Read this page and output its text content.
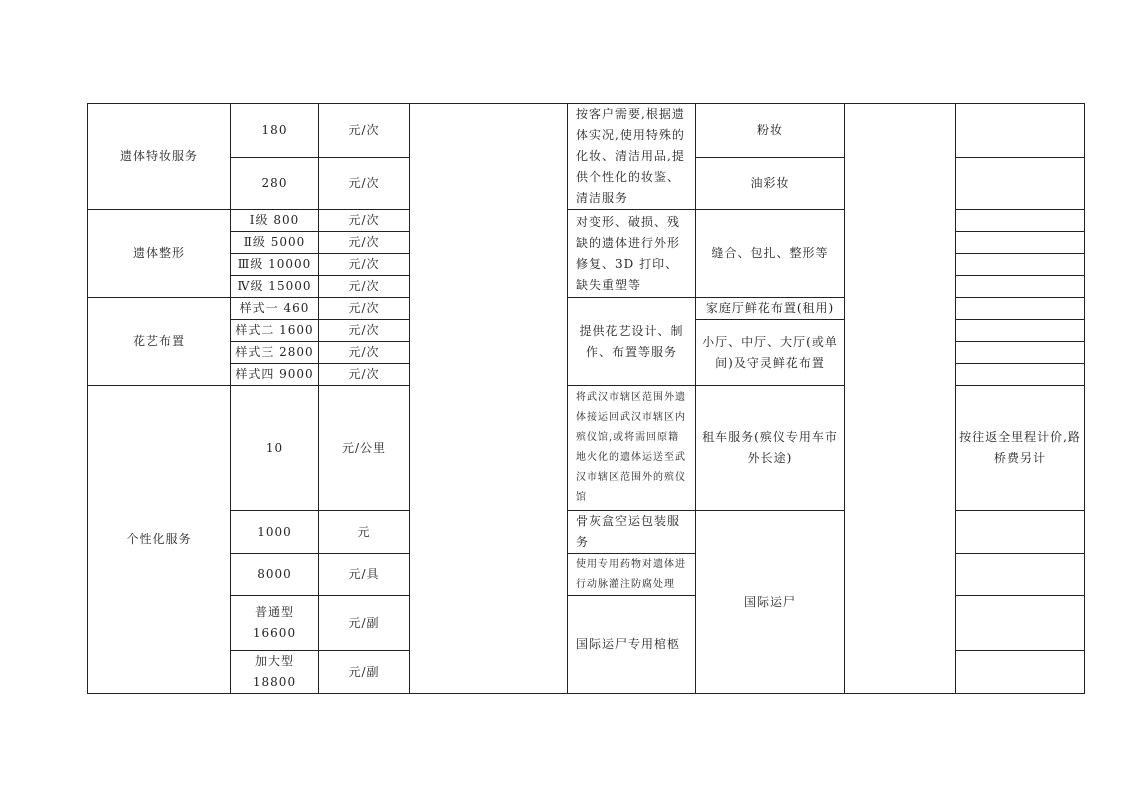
遗体特妆服务	180	元/次		按客户需要,根据遗体实况,使用特殊的化妆、清洁用品,提供个性化的妆鉴、清洁服务	粉妆		
	280	元/次			油彩妆		
遗体整形	Ⅰ级 800	元/次		对变形、破损、残缺的遗体进行外形修复、3D 打印、缺失重塑等	缝合、包扎、整形等		
	Ⅱ级 5000	元/次					
	Ⅲ级 10000	元/次					
	Ⅳ级 15000	元/次					
花艺布置	样式一 460	元/次		提供花艺设计、制作、布置等服务	家庭厅鲜花布置(租用)		
	样式二 1600	元/次			小厅、中厅、大厅(或单间)及守灵鲜花布置		
	样式三 2800	元/次					
	样式四 9000	元/次					
个性化服务	10	元/公里		将武汉市辖区范围外遗体接运回武汉市辖区内殡仪馆,或将需回原籍地火化的遗体运送至武汉市辖区范围外的殡仪馆	租车服务(殡仪专用车市外长途)		按往返全里程计价,路桥费另计
	1000	元		骨灰盒空运包装服务	国际运尸		
	8000	元/具		使用专用药物对遗体进行动脉灌注防腐处理			
	普通型16600	元/副		国际运尸专用棺柩			
	加大型18800	元/副					
